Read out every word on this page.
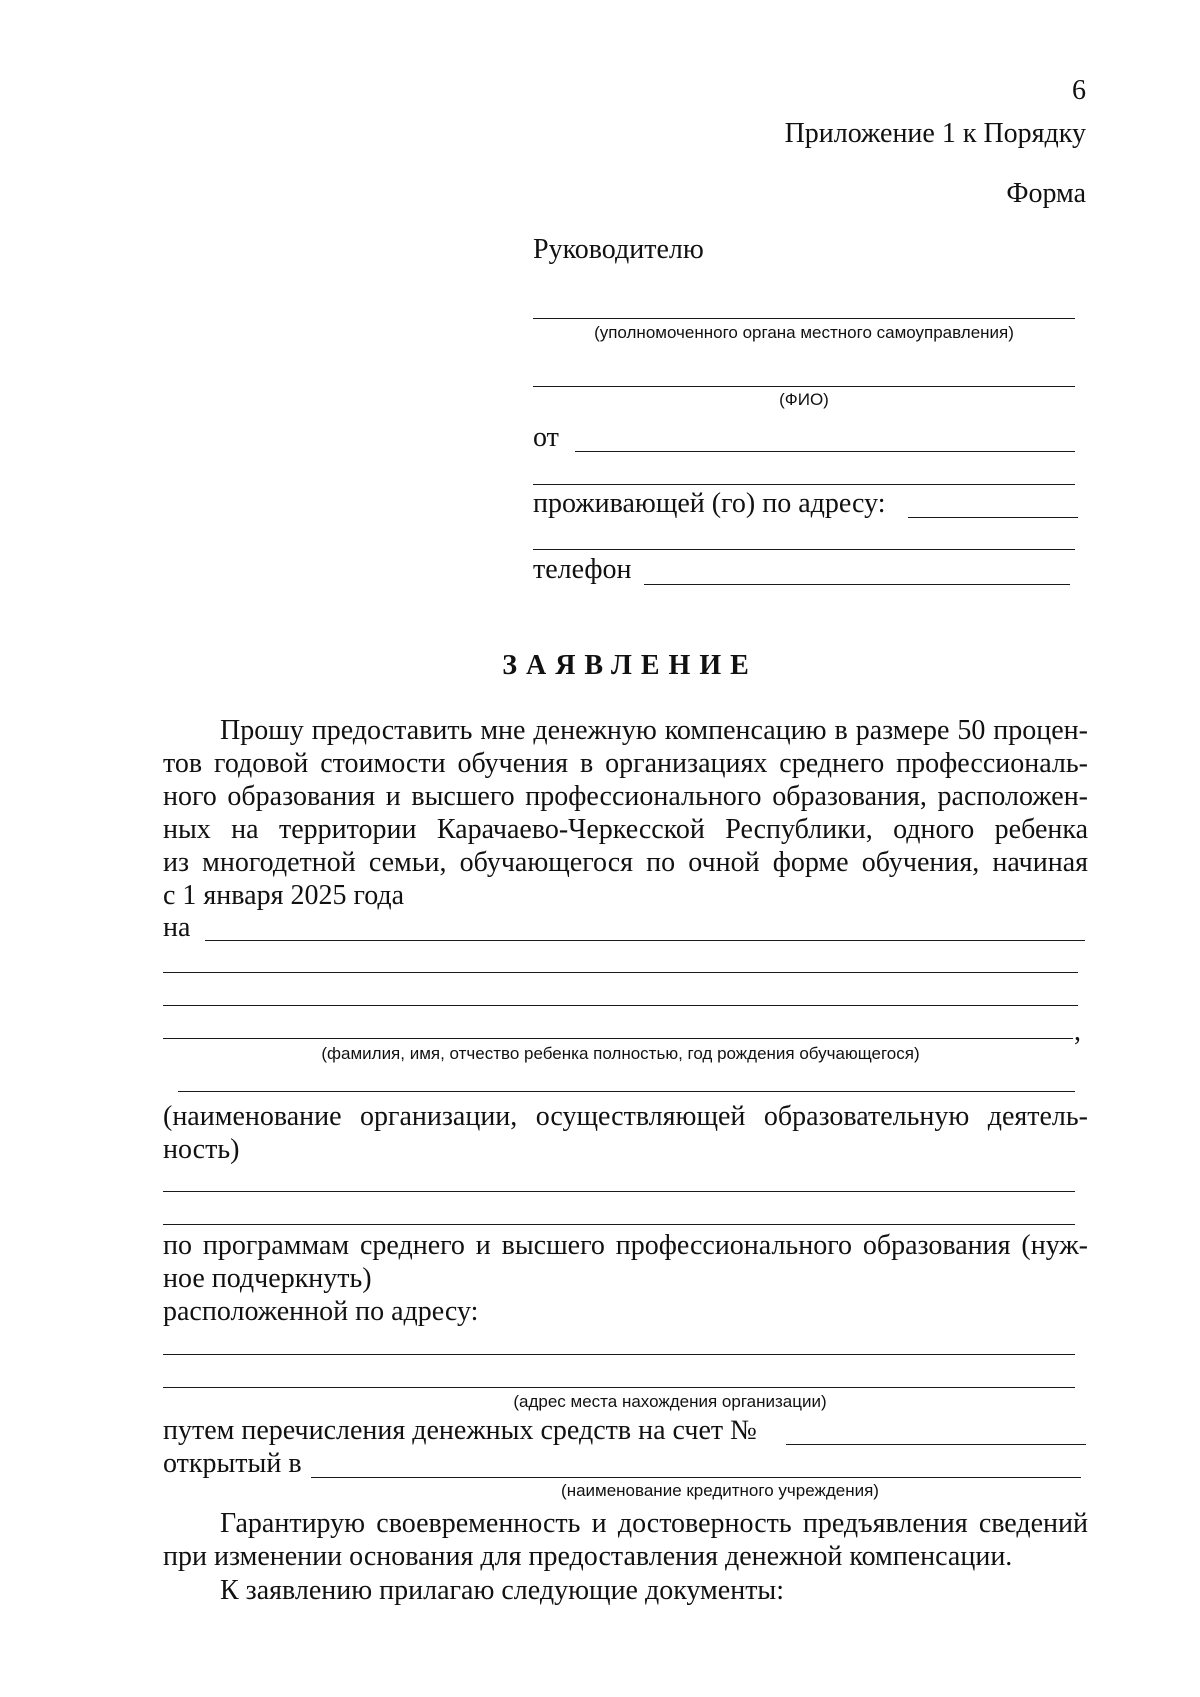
6
Приложение 1 к Порядку
Форма
Руководителю
(уполномоченного органа местного самоуправления)
(ФИО)
от
проживающей (го) по адресу:
телефон
ЗАЯВЛЕНИЕ
Прошу предоставить мне денежную компенсацию в размере 50 процен-
тов годовой стоимости обучения в организациях среднего профессиональ-
ного образования и высшего профессионального образования, расположен-
ных на территории Карачаево-Черкесской Республики, одного ребенка
из многодетной семьи, обучающегося по очной форме обучения, начиная
с 1 января 2025 года
на
,
(фамилия, имя, отчество ребенка полностью, год рождения обучающегося)
(наименование организации, осуществляющей образовательную деятель-
ность)
по программам среднего и высшего профессионального образования (нуж-
ное подчеркнуть)
расположенной по адресу:
(адрес места нахождения организации)
путем перечисления денежных средств на счет №
открытый в
(наименование кредитного учреждения)
Гарантирую своевременность и достоверность предъявления сведений
при изменении основания для предоставления денежной компенсации.
К заявлению прилагаю следующие документы:
